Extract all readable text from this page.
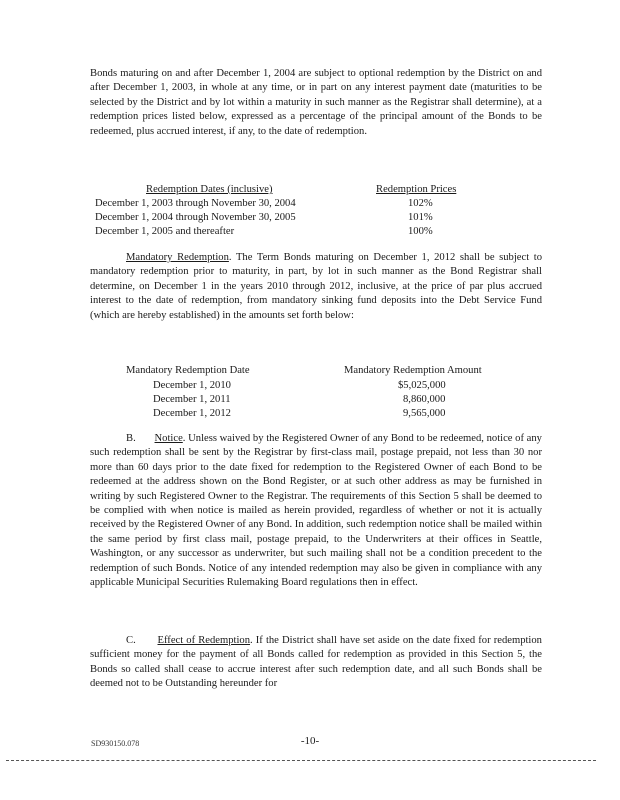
Bonds maturing on and after December 1, 2004 are subject to optional redemption by the District on and after December 1, 2003, in whole at any time, or in part on any interest payment date (maturities to be selected by the District and by lot within a maturity in such manner as the Registrar shall determine), at a redemption prices listed below, expressed as a percentage of the principal amount of the Bonds to be redeemed, plus accrued interest, if any, to the date of redemption.
Redemption Dates (inclusive)	Redemption Prices
December 1, 2003 through November 30, 2004	102%
December 1, 2004 through November 30, 2005	101%
December 1, 2005 and thereafter	100%
Mandatory Redemption. The Term Bonds maturing on December 1, 2012 shall be subject to mandatory redemption prior to maturity, in part, by lot in such manner as the Bond Registrar shall determine, on December 1 in the years 2010 through 2012, inclusive, at the price of par plus accrued interest to the date of redemption, from mandatory sinking fund deposits into the Debt Service Fund (which are hereby established) in the amounts set forth below:
Mandatory Redemption Date	Mandatory Redemption Amount
December 1, 2010	$5,025,000
December 1, 2011	8,860,000
December 1, 2012	9,565,000
B. Notice. Unless waived by the Registered Owner of any Bond to be redeemed, notice of any such redemption shall be sent by the Registrar by first-class mail, postage prepaid, not less than 30 nor more than 60 days prior to the date fixed for redemption to the Registered Owner of each Bond to be redeemed at the address shown on the Bond Register, or at such other address as may be furnished in writing by such Registered Owner to the Registrar. The requirements of this Section 5 shall be deemed to be complied with when notice is mailed as herein provided, regardless of whether or not it is actually received by the Registered Owner of any Bond. In addition, such redemption notice shall be mailed within the same period by first class mail, postage prepaid, to the Underwriters at their offices in Seattle, Washington, or any successor as underwriter, but such mailing shall not be a condition precedent to the redemption of such Bonds. Notice of any intended redemption may also be given in compliance with any applicable Municipal Securities Rulemaking Board regulations then in effect.
C. Effect of Redemption. If the District shall have set aside on the date fixed for redemption sufficient money for the payment of all Bonds called for redemption as provided in this Section 5, the Bonds so called shall cease to accrue interest after such redemption date, and all such Bonds shall be deemed not to be Outstanding hereunder for
SD930150.078	-10-
